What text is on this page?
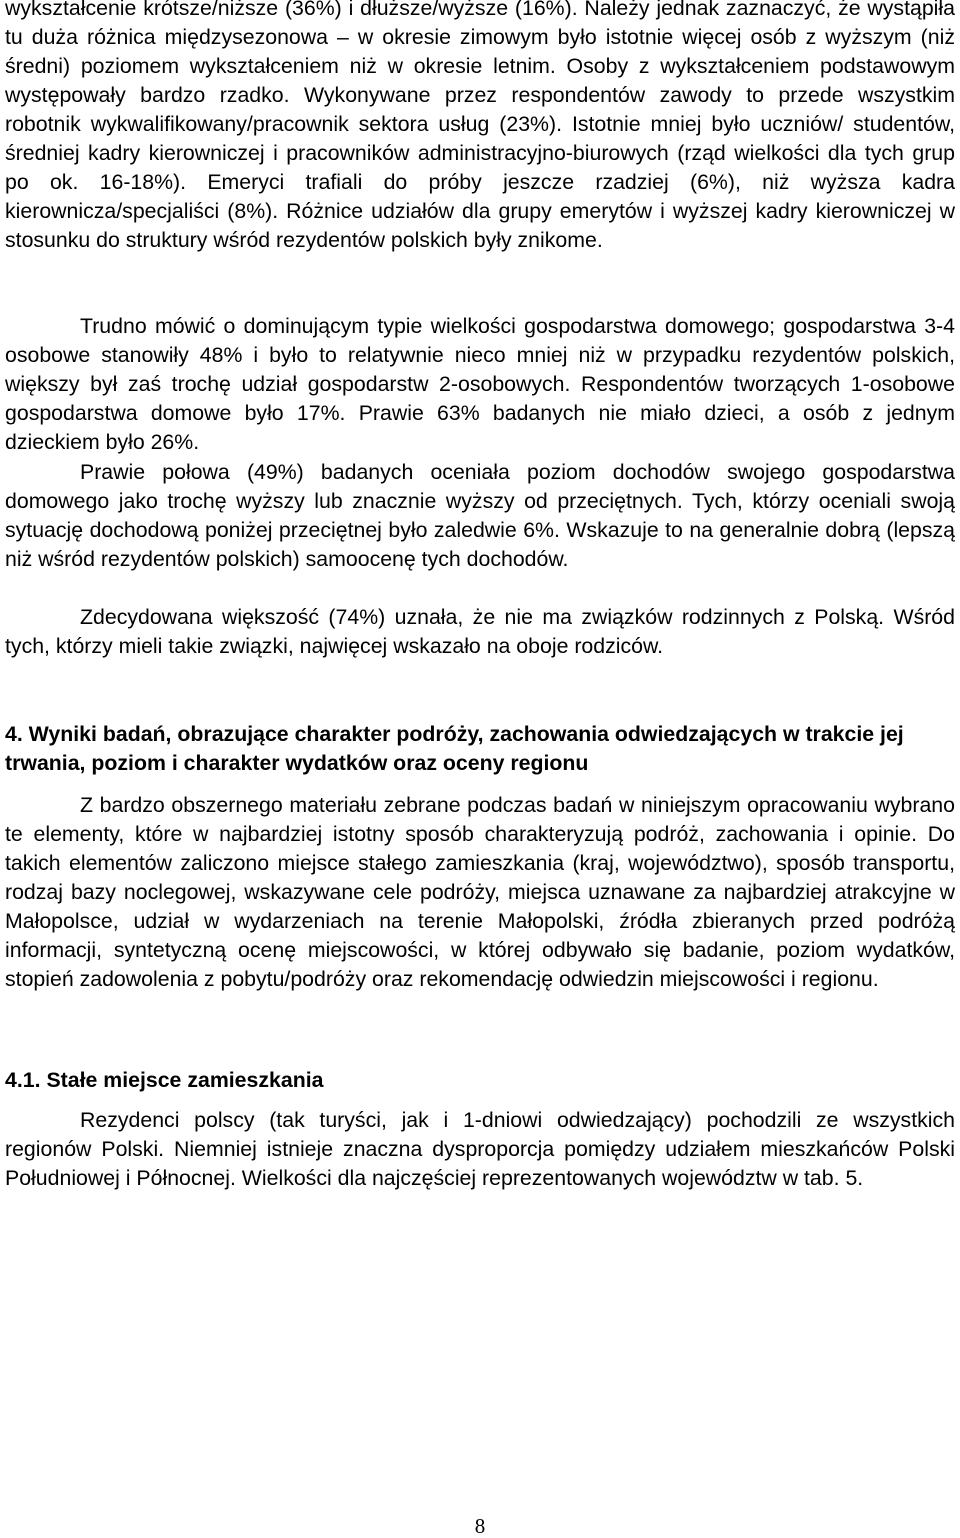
wykształcenie krótsze/niższe (36%) i dłuższe/wyższe (16%). Należy jednak zaznaczyć, że wystąpiła tu duża różnica międzysezonowa – w okresie zimowym było istotnie więcej osób z wyższym (niż średni) poziomem wykształceniem niż w okresie letnim. Osoby z wykształceniem podstawowym występowały bardzo rzadko. Wykonywane przez respondentów zawody to przede wszystkim robotnik wykwalifikowany/pracownik sektora usług (23%). Istotnie mniej było uczniów/ studentów, średniej kadry kierowniczej i pracowników administracyjno-biurowych (rząd wielkości dla tych grup po ok. 16-18%). Emeryci trafiali do próby jeszcze rzadziej (6%), niż wyższa kadra kierownicza/specjaliści (8%). Różnice udziałów dla grupy emerytów i wyższej kadry kierowniczej w stosunku do struktury wśród rezydentów polskich były znikome.

Trudno mówić o dominującym typie wielkości gospodarstwa domowego; gospodarstwa 3-4 osobowe stanowiły 48% i było to relatywnie nieco mniej niż w przypadku rezydentów polskich, większy był zaś trochę udział gospodarstw 2-osobowych. Respondentów tworzących 1-osobowe gospodarstwa domowe było 17%. Prawie 63% badanych nie miało dzieci, a osób z jednym dzieckiem było 26%.

Prawie połowa (49%) badanych oceniała poziom dochodów swojego gospodarstwa domowego jako trochę wyższy lub znacznie wyższy od przeciętnych. Tych, którzy oceniali swoją sytuację dochodową poniżej przeciętnej było zaledwie 6%. Wskazuje to na generalnie dobrą (lepszą niż wśród rezydentów polskich) samoocenę tych dochodów.

Zdecydowana większość (74%) uznała, że nie ma związków rodzinnych z Polską. Wśród tych, którzy mieli takie związki, najwięcej wskazało na oboje rodziców.

4. Wyniki badań, obrazujące charakter podróży, zachowania odwiedzających w trakcie jej trwania, poziom i charakter wydatków oraz oceny regionu

Z bardzo obszernego materiału zebrane podczas badań w niniejszym opracowaniu wybrano te elementy, które w najbardziej istotny sposób charakteryzują podróż, zachowania i opinie. Do takich elementów zaliczono miejsce stałego zamieszkania (kraj, województwo), sposób transportu, rodzaj bazy noclegowej, wskazywane cele podróży, miejsca uznawane za najbardziej atrakcyjne w Małopolsce, udział w wydarzeniach na terenie Małopolski, źródła zbieranych przed podróżą informacji, syntetyczną ocenę miejscowości, w której odbywało się badanie, poziom wydatków, stopień zadowolenia z pobytu/podróży oraz rekomendację odwiedzin miejscowości i regionu.

4.1. Stałe miejsce zamieszkania

Rezydenci polscy (tak turyści, jak i 1-dniowi odwiedzający) pochodzili ze wszystkich regionów Polski. Niemniej istnieje znaczna dysproporcja pomiędzy udziałem mieszkańców Polski Południowej i Północnej. Wielkości dla najczęściej reprezentowanych województw w tab. 5.

8
